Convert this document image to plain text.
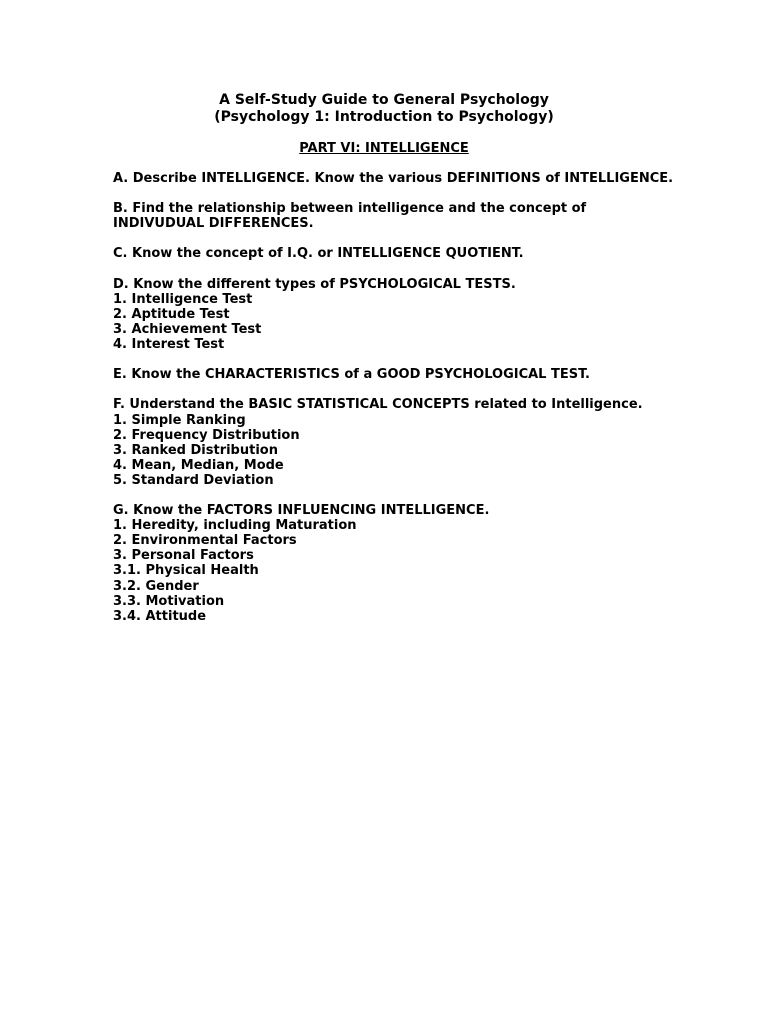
A Self-Study Guide to General Psychology

(Psychology 1: Introduction to Psychology)

PART VI: INTELLIGENCE

A. Describe INTELLIGENCE. Know the various DEFINITIONS of INTELLIGENCE.

B. Find the relationship between intelligence and the concept of

INDIVUDUAL DIFFERENCES.

C. Know the concept of I.Q. or INTELLIGENCE QUOTIENT.

D. Know the different types of PSYCHOLOGICAL TESTS.

1. Intelligence Test

2. Aptitude Test

3. Achievement Test

4. Interest Test

E. Know the CHARACTERISTICS of a GOOD PSYCHOLOGICAL TEST.

F. Understand the BASIC STATISTICAL CONCEPTS related to Intelligence.

1. Simple Ranking

2. Frequency Distribution

3. Ranked Distribution

4. Mean, Median, Mode

5. Standard Deviation

G. Know the FACTORS INFLUENCING INTELLIGENCE.

1. Heredity, including Maturation

2. Environmental Factors

3. Personal Factors

3.1. Physical Health

3.2. Gender

3.3. Motivation

3.4. Attitude
